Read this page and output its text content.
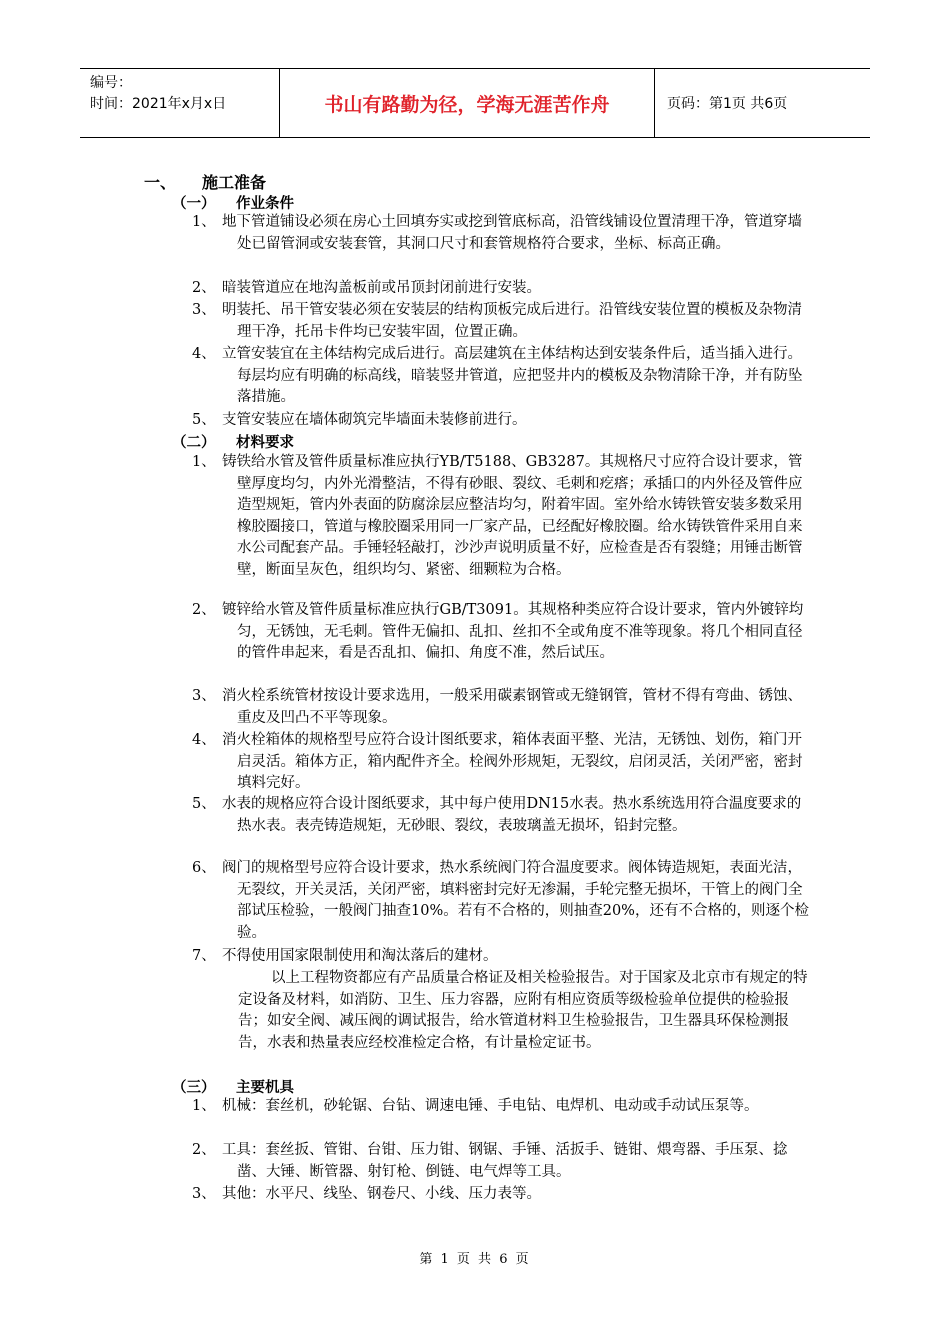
编号：
时间：2021年x月x日	书山有路勤为径，学海无涯苦作舟	页码：第1页 共6页
一、 施工准备
（一） 作业条件
1、 地下管道铺设必须在房心土回填夯实或挖到管底标高，沿管线铺设位置清理干净，管道穿墙处已留管洞或安装套管，其洞口尺寸和套管规格符合要求，坐标、标高正确。
2、 暗装管道应在地沟盖板前或吊顶封闭前进行安装。
3、 明装托、吊干管安装必须在安装层的结构顶板完成后进行。沿管线安装位置的模板及杂物清理干净，托吊卡件均已安装牢固，位置正确。
4、 立管安装宜在主体结构完成后进行。高层建筑在主体结构达到安装条件后，适当插入进行。每层均应有明确的标高线，暗装竖井管道，应把竖井内的模板及杂物清除干净，并有防坠落措施。
5、 支管安装应在墙体砌筑完毕墙面未装修前进行。
（二） 材料要求
1、 铸铁给水管及管件质量标准应执行YB/T5188、GB3287。其规格尺寸应符合设计要求，管壁厚度均匀，内外光滑整洁，不得有砂眼、裂纹、毛刺和疙瘩；承插口的内外径及管件应造型规矩，管内外表面的防腐涂层应整洁均匀，附着牢固。室外给水铸铁管安装多数采用橡胶圈接口，管道与橡胶圈采用同一厂家产品，已经配好橡胶圈。给水铸铁管件采用自来水公司配套产品。手锤轻轻敲打，沙沙声说明质量不好，应检查是否有裂缝；用锤击断管壁，断面呈灰色，组织均匀、紧密、细颗粒为合格。
2、 镀锌给水管及管件质量标准应执行GB/T3091。其规格种类应符合设计要求，管内外镀锌均匀，无锈蚀，无毛刺。管件无偏扣、乱扣、丝扣不全或角度不准等现象。将几个相同直径的管件串起来，看是否乱扣、偏扣、角度不准，然后试压。
3、 消火栓系统管材按设计要求选用，一般采用碳素钢管或无缝钢管，管材不得有弯曲、锈蚀、重皮及凹凸不平等现象。
4、 消火栓箱体的规格型号应符合设计图纸要求，箱体表面平整、光洁，无锈蚀、划伤，箱门开启灵活。箱体方正，箱内配件齐全。栓阀外形规矩，无裂纹，启闭灵活，关闭严密，密封填料完好。
5、 水表的规格应符合设计图纸要求，其中每户使用DN15水表。热水系统选用符合温度要求的热水表。表壳铸造规矩，无砂眼、裂纹，表玻璃盖无损坏，铅封完整。
6、 阀门的规格型号应符合设计要求，热水系统阀门符合温度要求。阀体铸造规矩，表面光洁，无裂纹，开关灵活，关闭严密，填料密封完好无渗漏，手轮完整无损坏，干管上的阀门全部试压检验，一般阀门抽查10%。若有不合格的，则抽查20%，还有不合格的，则逐个检验。
7、 不得使用国家限制使用和淘汰落后的建材。
以上工程物资都应有产品质量合格证及相关检验报告。对于国家及北京市有规定的特定设备及材料，如消防、卫生、压力容器，应附有相应资质等级检验单位提供的检验报告；如安全阀、减压阀的调试报告，给水管道材料卫生检验报告，卫生器具环保检测报告，水表和热量表应经校准检定合格，有计量检定证书。
（三） 主要机具
1、 机械：套丝机，砂轮锯、台钻、调速电锤、手电钻、电焊机、电动或手动试压泵等。
2、 工具：套丝扳、管钳、台钳、压力钳、钢锯、手锤、活扳手、链钳、煨弯器、手压泵、捻凿、大锤、断管器、射钉枪、倒链、电气焊等工具。
3、 其他：水平尺、线坠、钢卷尺、小线、压力表等。
第 1 页 共 6 页
